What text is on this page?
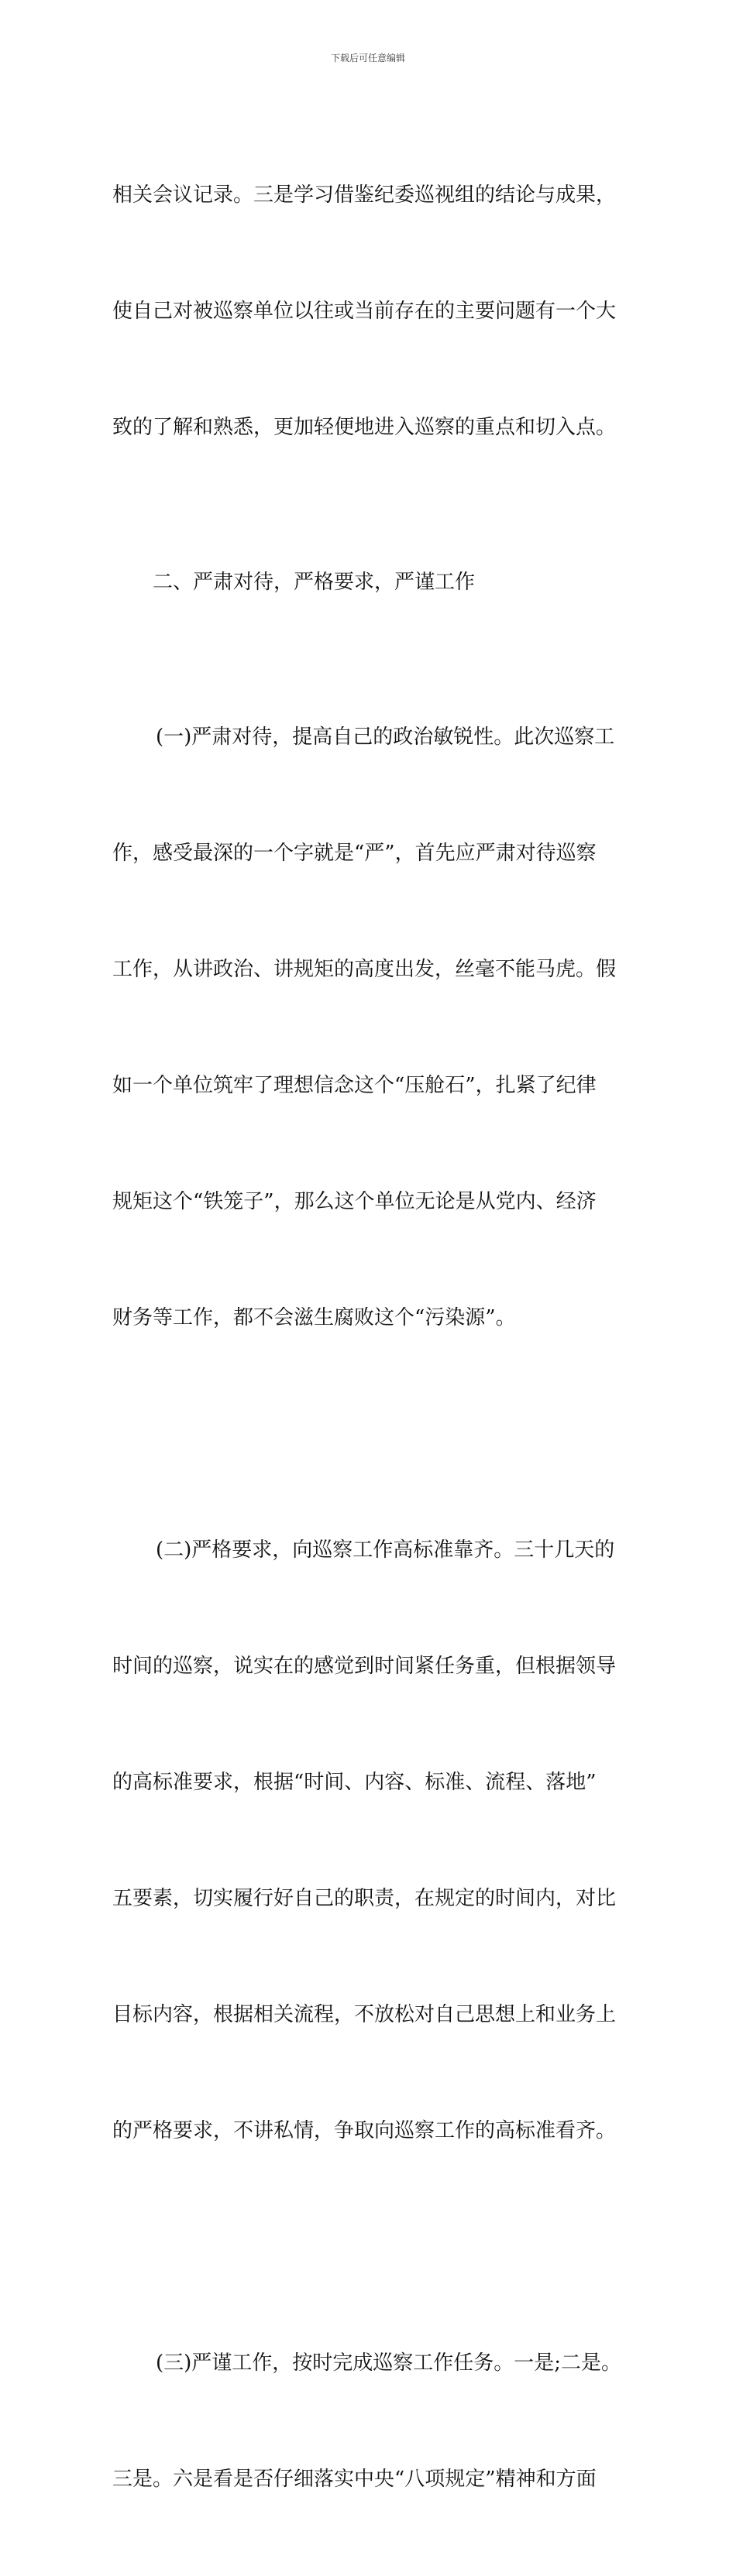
下载后可任意编辑

相关会议记录。三是学习借鉴纪委巡视组的结论与成果，

使自己对被巡察单位以往或当前存在的主要问题有一个大

致的了解和熟悉，更加轻便地进入巡察的重点和切入点。

二、严肃对待，严格要求，严谨工作

(一)严肃对待，提高自己的政治敏锐性。此次巡察工

作，感受最深的一个字就是“严”，首先应严肃对待巡察

工作，从讲政治、讲规矩的高度出发，丝毫不能马虎。假

如一个单位筑牢了理想信念这个“压舱石”，扎紧了纪律

规矩这个“铁笼子”，那么这个单位无论是从党内、经济

财务等工作，都不会滋生腐败这个“污染源”。

(二)严格要求，向巡察工作高标准靠齐。三十几天的

时间的巡察，说实在的感觉到时间紧任务重，但根据领导

的高标准要求，根据“时间、内容、标准、流程、落地”

五要素，切实履行好自己的职责，在规定的时间内，对比

目标内容，根据相关流程，不放松对自己思想上和业务上

的严格要求，不讲私情，争取向巡察工作的高标准看齐。

(三)严谨工作，按时完成巡察工作任务。一是;二是。

三是。六是看是否仔细落实中央“八项规定”精神和方面
